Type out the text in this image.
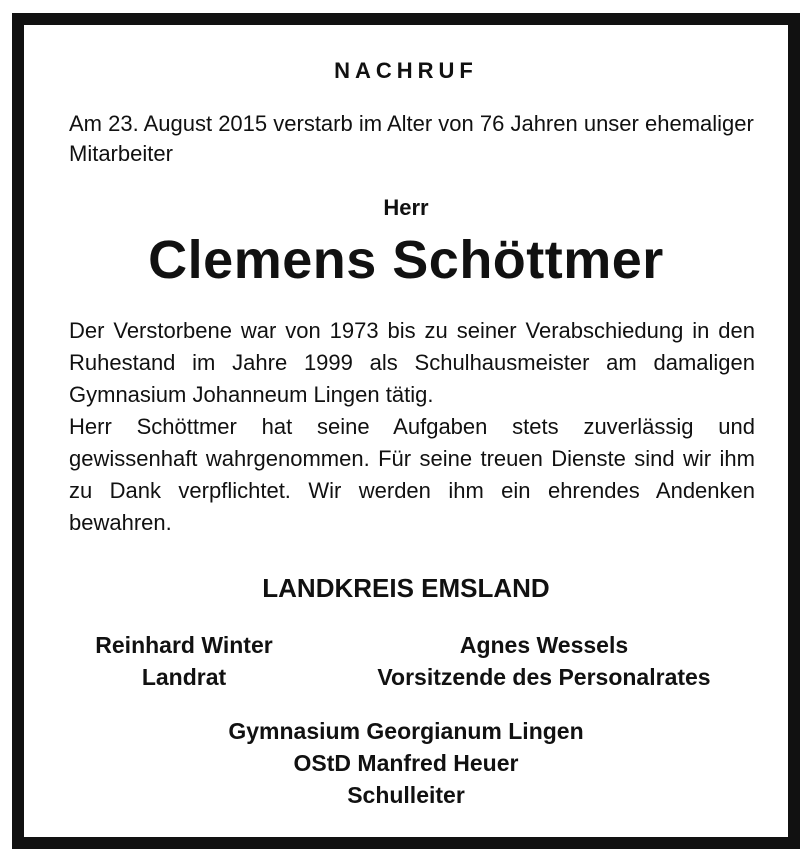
NACHRUF

Am 23. August 2015 verstarb im Alter von 76 Jahren unser ehemaliger Mitarbeiter

Herr

Clemens Schöttmer

Der Verstorbene war von 1973 bis zu seiner Verabschiedung in den Ruhestand im Jahre 1999 als Schulhausmeister am damaligen Gymnasium Johanneum Lingen tätig.

Herr Schöttmer hat seine Aufgaben stets zuverlässig und gewissenhaft wahrgenommen. Für seine treuen Dienste sind wir ihm zu Dank verpflichtet. Wir werden ihm ein ehrendes Andenken bewahren.

LANDKREIS EMSLAND

Reinhard Winter
Landrat
Agnes Wessels
Vorsitzende des Personalrates
Gymnasium Georgianum Lingen
OStD Manfred Heuer
Schulleiter
